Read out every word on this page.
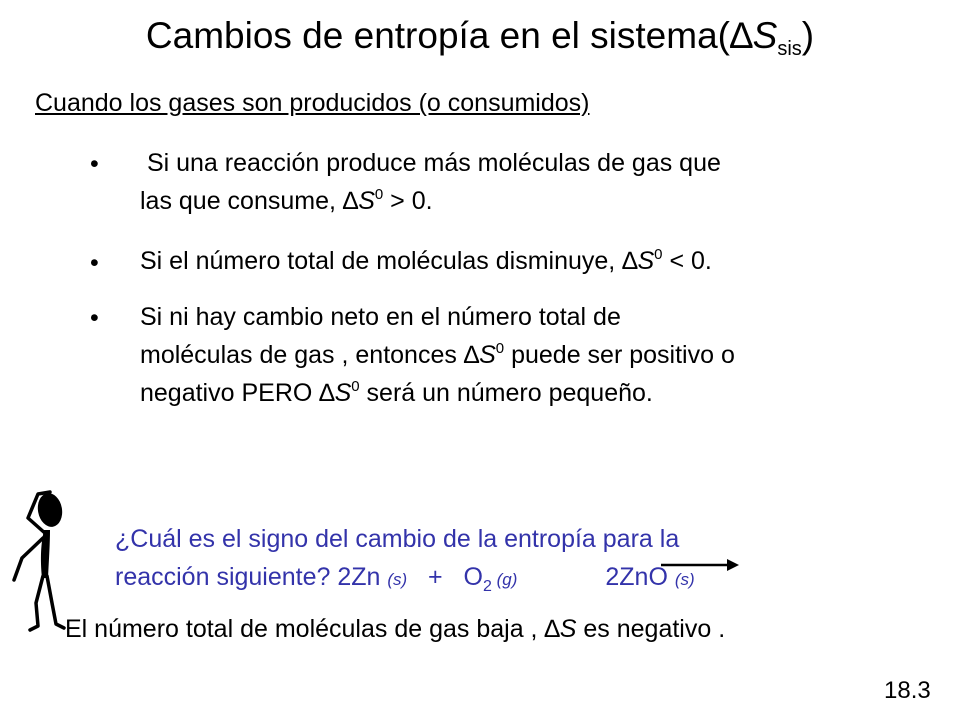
Cambios de entropía en el $sistema(\Delta S_{sis})$
Cuando los gases son producidos (o consumidos)
• Si una reacción produce más moléculas de gas que
las que consume, $\Delta S^0 > 0$.
• Si el número total de moléculas disminuye, $\Delta S^0 < 0$.
• Si ni hay cambio neto en el número total de
moléculas de gas , entonces $\Delta S^0$ puede ser positivo o
negativo PERO $\Delta S^0$ será un número pequeño.
¿Cuál es el signo del cambio de la entropía para la
reacción siguiente? 2Zn $(s) + O_2$ (g)	2ZnO (s)
El número total de moléculas de gas baja , ∆S es negativo .
18.3
